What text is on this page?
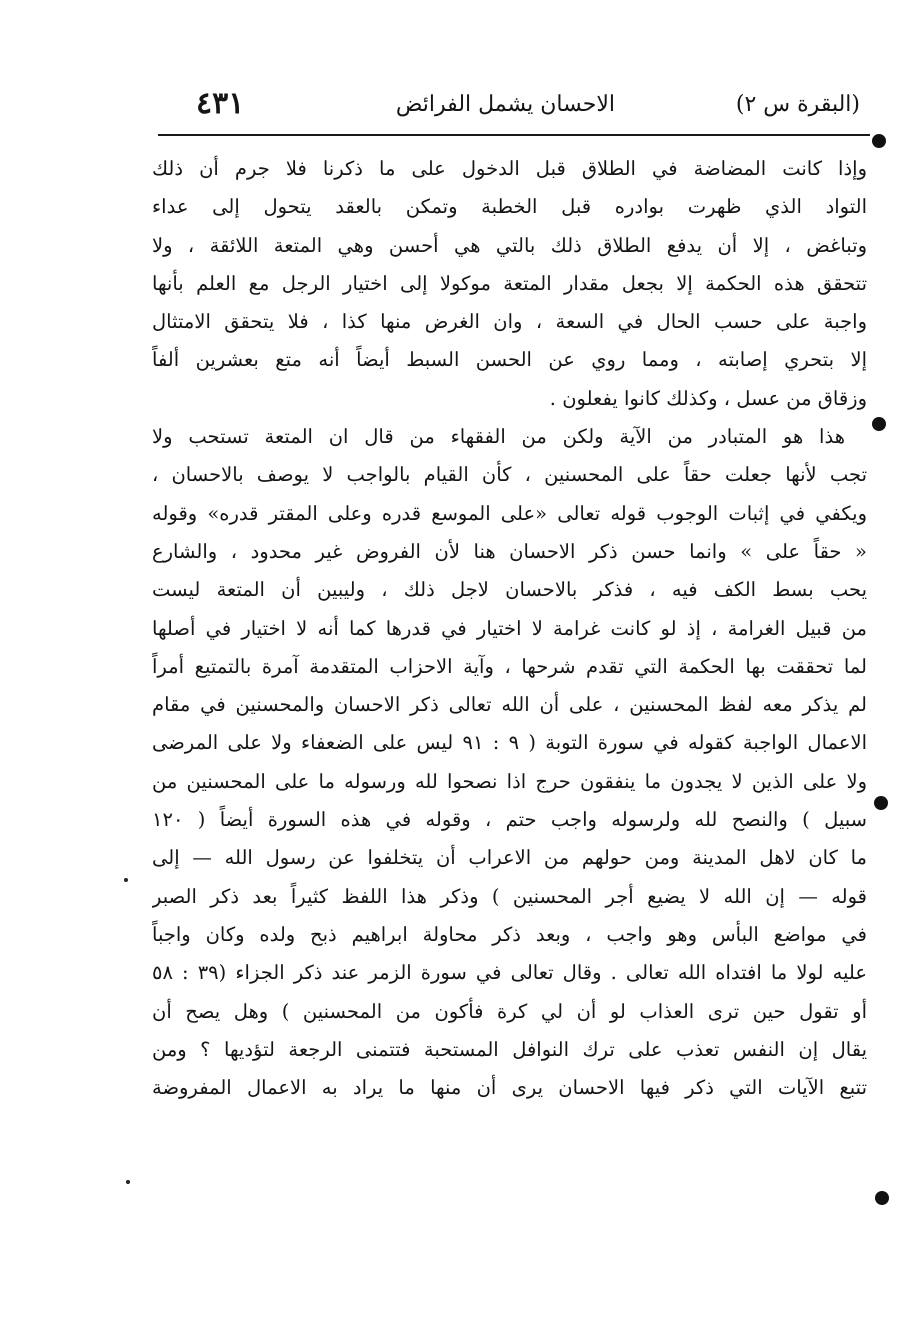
(البقرة س ٢)
الاحسان يشمل الفرائض
٤٣١
وإذا كانت المضاضة في الطلاق قبل الدخول على ما ذكرنا فلا جرم أن ذلك
التواد الذي ظهرت بوادره قبل الخطبة وتمكن بالعقد يتحول إلى عداء
وتباغض ، إلا أن يدفع الطلاق ذلك بالتي هي أحسن وهي المتعة اللائقة ، ولا
تتحقق هذه الحكمة إلا بجعل مقدار المتعة موكولا إلى اختيار الرجل مع العلم بأنها
واجبة على حسب الحال في السعة ، وان الغرض منها كذا ، فلا يتحقق الامتثال
إلا بتحري إصابته ، ومما روي عن الحسن السبط أيضاً أنه متع بعشرين ألفاً
وزقاق من عسل ، وكذلك كانوا يفعلون .
هذا هو المتبادر من الآية ولكن من الفقهاء من قال ان المتعة تستحب ولا
تجب لأنها جعلت حقاً على المحسنين ، كأن القيام بالواجب لا يوصف بالاحسان ،
ويكفي في إثبات الوجوب قوله تعالى «على الموسع قدره وعلى المقتر قدره» وقوله
« حقاً على » وانما حسن ذكر الاحسان هنا لأن الفروض غير محدود ، والشارع
يحب بسط الكف فيه ، فذكر بالاحسان لاجل ذلك ، وليبين أن المتعة ليست
من قبيل الغرامة ، إذ لو كانت غرامة لا اختيار في قدرها كما أنه لا اختيار في أصلها
لما تحققت بها الحكمة التي تقدم شرحها ، وآية الاحزاب المتقدمة آمرة بالتمتيع أمراً
لم يذكر معه لفظ المحسنين ، على أن الله تعالى ذكر الاحسان والمحسنين في مقام
الاعمال الواجبة كقوله في سورة التوبة ( ٩ : ٩١ ليس على الضعفاء ولا على المرضى
ولا على الذين لا يجدون ما ينفقون حرج اذا نصحوا لله ورسوله ما على المحسنين من
سبيل ) والنصح لله ولرسوله واجب حتم ، وقوله في هذه السورة أيضاً ( ١٢٠
ما كان لاهل المدينة ومن حولهم من الاعراب أن يتخلفوا عن رسول الله — إلى
قوله — إن الله لا يضيع أجر المحسنين ) وذكر هذا اللفظ كثيراً بعد ذكر الصبر
في مواضع البأس وهو واجب ، وبعد ذكر محاولة ابراهيم ذبح ولده وكان واجباً
عليه لولا ما افتداه الله تعالى . وقال تعالى في سورة الزمر عند ذكر الجزاء (٣٩ : ٥٨
أو تقول حين ترى العذاب لو أن لي كرة فأكون من المحسنين ) وهل يصح أن
يقال إن النفس تعذب على ترك النوافل المستحبة فتتمنى الرجعة لتؤديها ؟ ومن
تتبع الآيات التي ذكر فيها الاحسان يرى أن منها ما يراد به الاعمال المفروضة
